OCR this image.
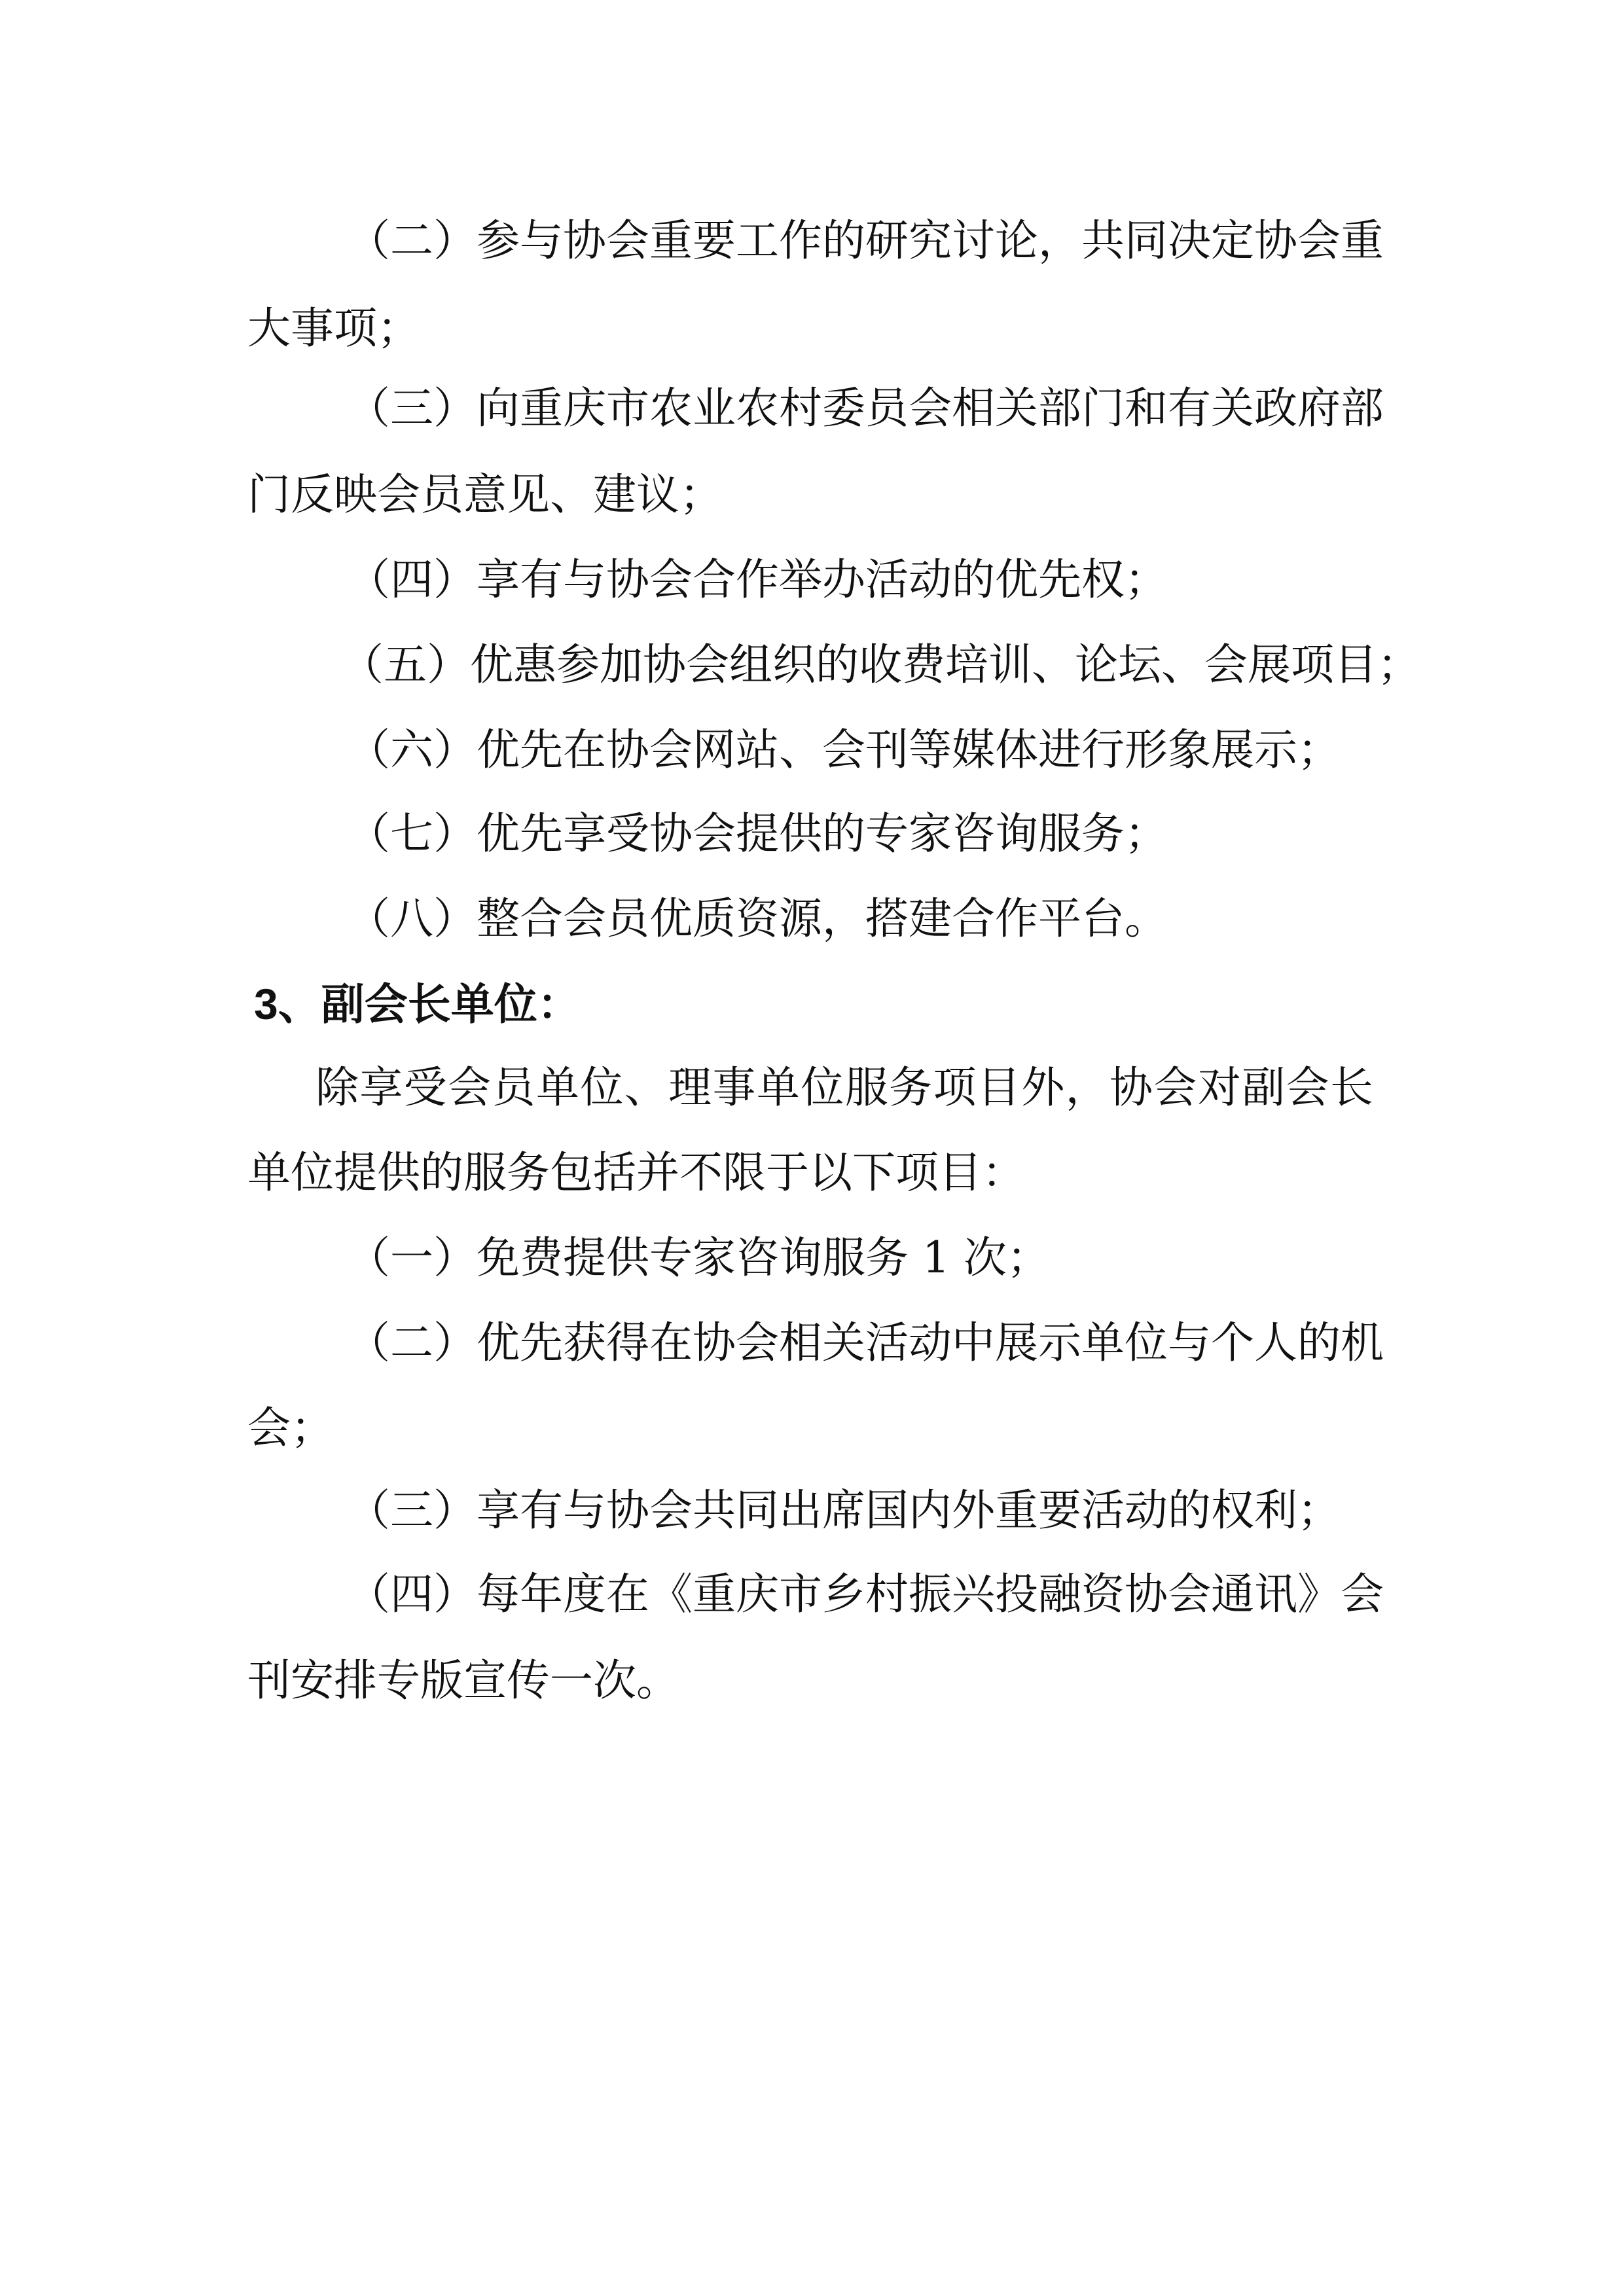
（二）参与协会重要工作的研究讨论，共同决定协会重

大事项；

（三）向重庆市农业农村委员会相关部门和有关政府部

门反映会员意见、建议；

（四）享有与协会合作举办活动的优先权；

（五）优惠参加协会组织的收费培训、论坛、会展项目；

（六）优先在协会网站、会刊等媒体进行形象展示；

（七）优先享受协会提供的专家咨询服务；

（八）整合会员优质资源，搭建合作平台。

3、副会长单位：

除享受会员单位、理事单位服务项目外，协会对副会长

单位提供的服务包括并不限于以下项目：

（一）免费提供专家咨询服务 1 次；

（二）优先获得在协会相关活动中展示单位与个人的机

会；

（三）享有与协会共同出席国内外重要活动的权利；

（四）每年度在《重庆市乡村振兴投融资协会通讯》会

刊安排专版宣传一次。
